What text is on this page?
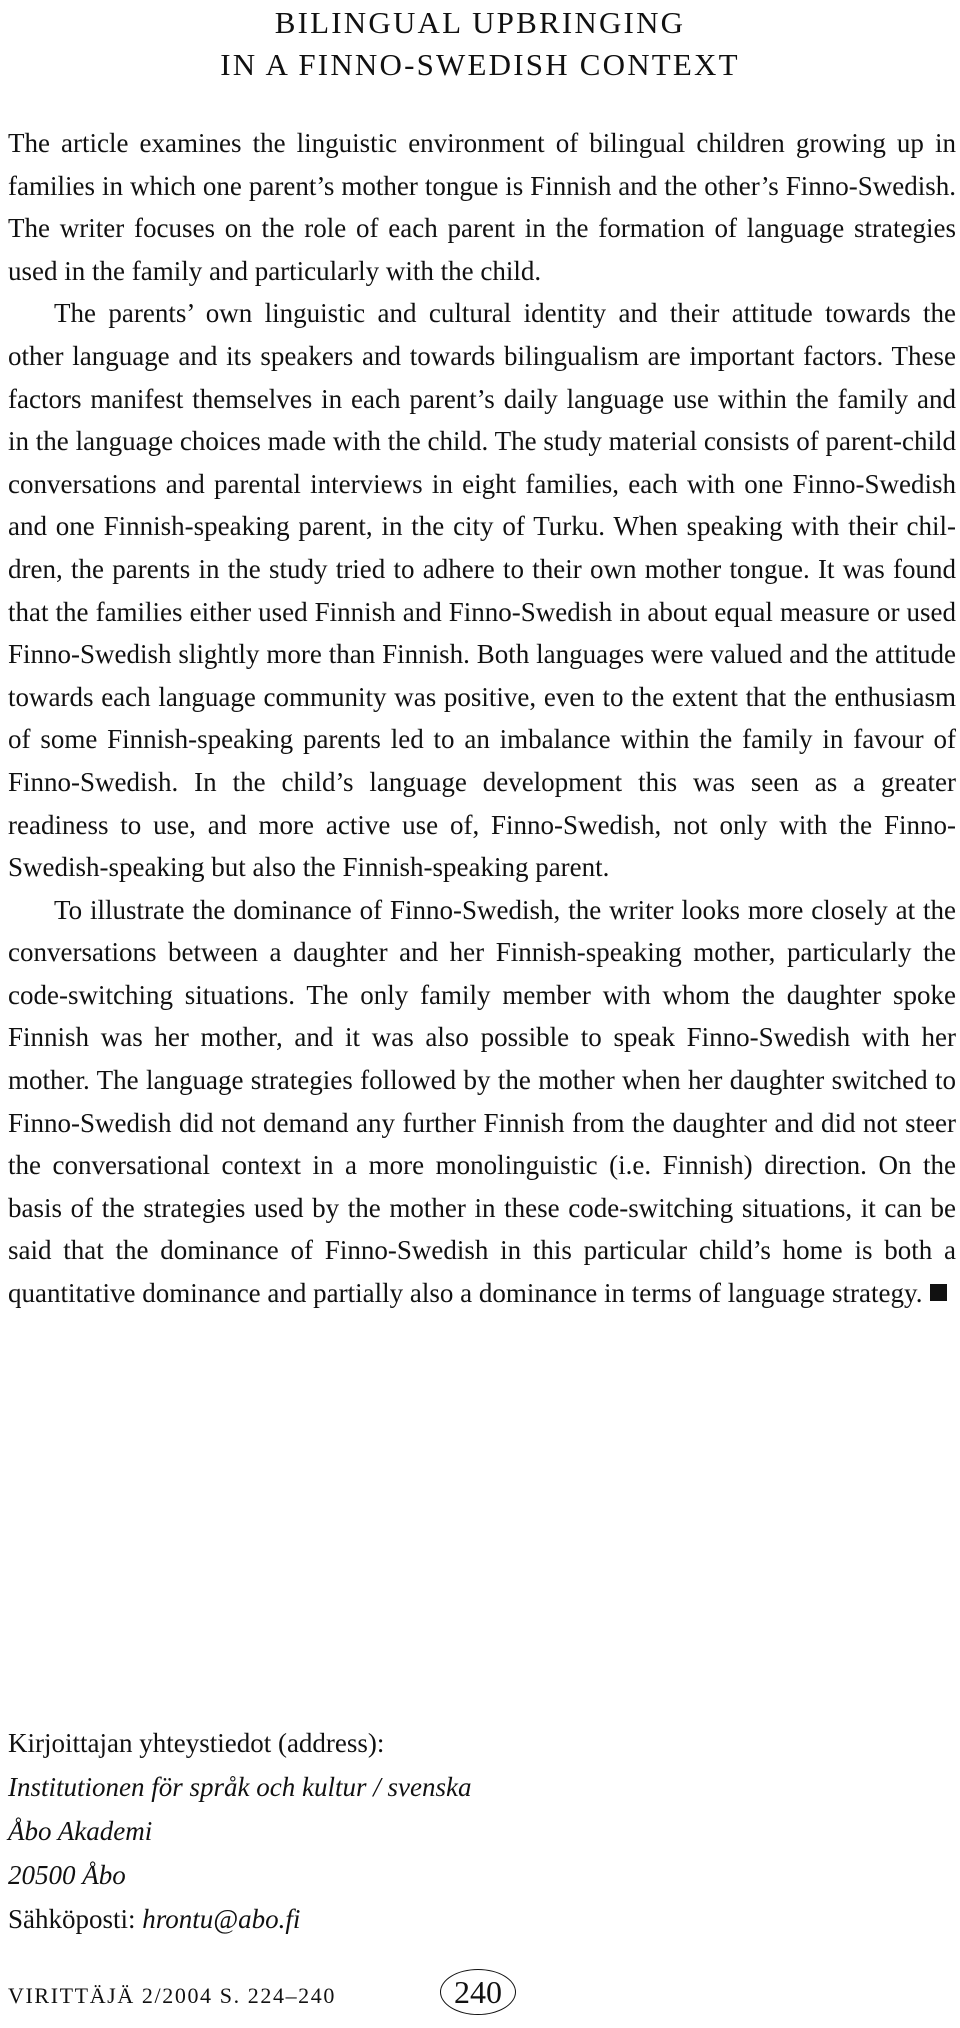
BILINGUAL UPBRINGING
IN A FINNO-SWEDISH CONTEXT

The article examines the linguistic environment of bilingual children growing up in families in which one parent’s mother tongue is Finnish and the other’s Finno-Swedish. The writer focuses on the role of each parent in the formation of language strategies used in the family and particularly with the child.

The parents’ own linguistic and cultural identity and their attitude towards the other language and its speakers and towards bilingualism are important factors. These factors manifest themselves in each parent’s daily language use within the family and in the language choices made with the child. The study material consists of parent-child conversations and parental interviews in eight families, each with one Finno-Swedish and one Finnish-speaking parent, in the city of Turku. When speaking with their children, the parents in the study tried to adhere to their own mother tongue. It was found that the families either used Finnish and Finno-Swedish in about equal measure or used Finno-Swedish slightly more than Finnish. Both languages were valued and the attitude towards each language community was positive, even to the extent that the enthusiasm of some Finnish-speaking parents led to an imbalance within the family in favour of Finno-Swedish. In the child’s language development this was seen as a greater readiness to use, and more active use of, Finno-Swedish, not only with the Finno-Swedish-speaking but also the Finnish-speaking parent.

To illustrate the dominance of Finno-Swedish, the writer looks more closely at the conversations between a daughter and her Finnish-speaking mother, particularly the code-switching situations. The only family member with whom the daughter spoke Finnish was her mother, and it was also possible to speak Finno-Swedish with her mother. The language strategies followed by the mother when her daughter switched to Finno-Swedish did not demand any further Finnish from the daughter and did not steer the conversational context in a more monolinguistic (i.e. Finnish) direction. On the basis of the strategies used by the mother in these code-switching situations, it can be said that the dominance of Finno-Swedish in this particular child’s home is both a quantitative dominance and partially also a dominance in terms of language strategy.

Kirjoittajan yhteystiedot (address):
Institutionen för språk och kultur / svenska
Åbo Akademi
20500 Åbo
Sähköposti: hrontu@abo.fi
VIRITTÄJÄ 2/2004 S. 224–240	240
